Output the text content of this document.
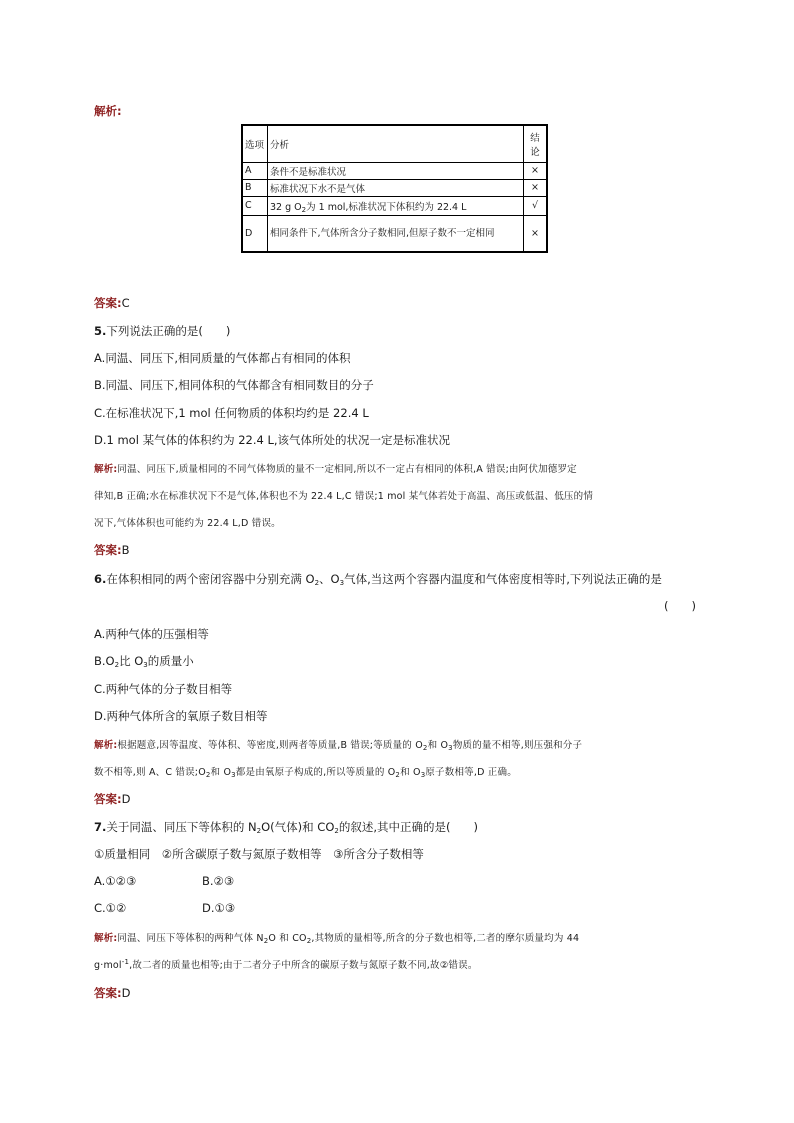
解析:
选项	分析	结论
A	条件不是标准状况	×
B	标准状况下水不是气体	×
C	32 g $O_2$为 1 mol,标准状况下体积约为 22.4 L	√
D	相同条件下,气体所含分子数相同,但原子数不一定相同	×
答案:C
5.下列说法正确的是(　　)
A.同温、同压下,相同质量的气体都占有相同的体积
B.同温、同压下,相同体积的气体都含有相同数目的分子
C.在标准状况下,1 mol 任何物质的体积均约是 22.4 L
D.1 mol 某气体的体积约为 22.4 L,该气体所处的状况一定是标准状况
解析:同温、同压下,质量相同的不同气体物质的量不一定相同,所以不一定占有相同的体积,A 错误;由阿伏加德罗定
律知,B 正确;水在标准状况下不是气体,体积也不为 22.4 L,C 错误;1 mol 某气体若处于高温、高压或低温、低压的情
况下,气体体积也可能约为 22.4 L,D 错误。
答案:B
6.在体积相同的两个密闭容器中分别充满 $O_2$、$O_3$气体,当这两个容器内温度和气体密度相等时,下列说法正确的是
(　　)
A.两种气体的压强相等
$B.O_2$比 $O_3$的质量小
C.两种气体的分子数目相等
D.两种气体所含的氧原子数目相等
解析:根据题意,因等温度、等体积、等密度,则两者等质量,B 错误;等质量的 $O_2$和 $O_3$物质的量不相等,则压强和分子
数不相等,则 A、C 错误$;O_2$和 $O_3$都是由氧原子构成的,所以等质量的 $O_2$和 $O_3$原子数相等,D 正确。
答案:D
7.关于同温、同压下等体积的 $N_2O$(气体)和 $CO_2$的叙述,其中正确的是(　　)
①质量相同　②所含碳原子数与氮原子数相等　③所含分子数相等
A.①②③	B.②③
C.①②	D.①③
解析:同温、同压下等体积的两种气体 $N_2O$ 和 $CO_2$,其物质的量相等,所含的分子数也相等,二者的摩尔质量均为 44
g·mol$^{-1}$,故二者的质量也相等;由于二者分子中所含的碳原子数与氮原子数不同,故②错误。
答案:D
